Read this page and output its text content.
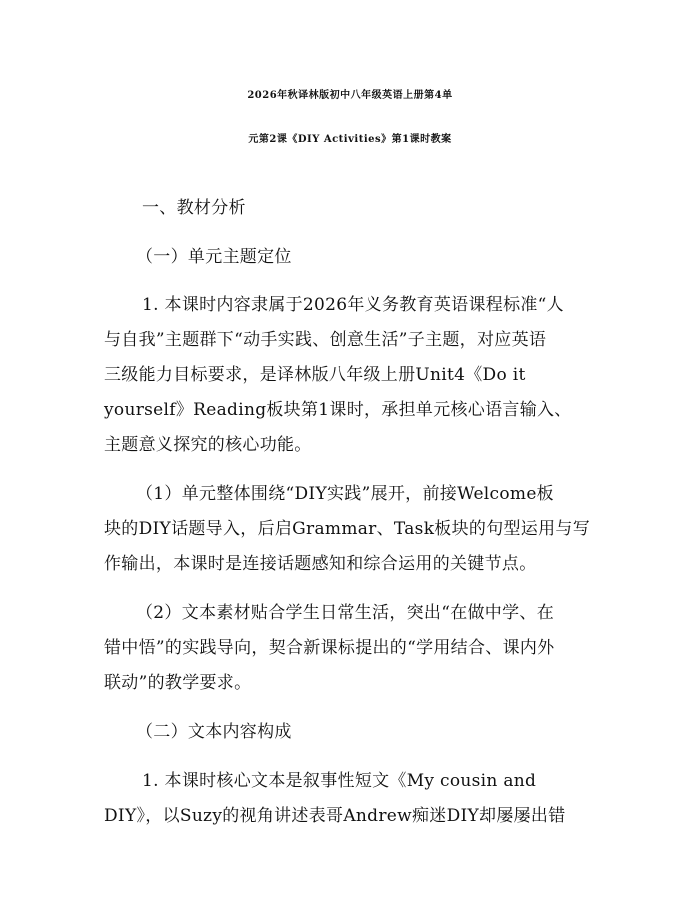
2026年秋译林版初中八年级英语上册第4单
元第2课《DIY Activities》第1课时教案
一、教材分析
（一）单元主题定位
1. 本课时内容隶属于2026年义务教育英语课程标准“人
与自我”主题群下“动手实践、创意生活”子主题，对应英语
三级能力目标要求，是译林版八年级上册Unit4《Do it
yourself》Reading板块第1课时，承担单元核心语言输入、
主题意义探究的核心功能。
（1）单元整体围绕“DIY实践”展开，前接Welcome板
块的DIY话题导入，后启Grammar、Task板块的句型运用与写
作输出，本课时是连接话题感知和综合运用的关键节点。
（2）文本素材贴合学生日常生活，突出“在做中学、在
错中悟”的实践导向，契合新课标提出的“学用结合、课内外
联动”的教学要求。
（二）文本内容构成
1. 本课时核心文本是叙事性短文《My cousin and
DIY》，以Suzy的视角讲述表哥Andrew痴迷DIY却屡屡出错
